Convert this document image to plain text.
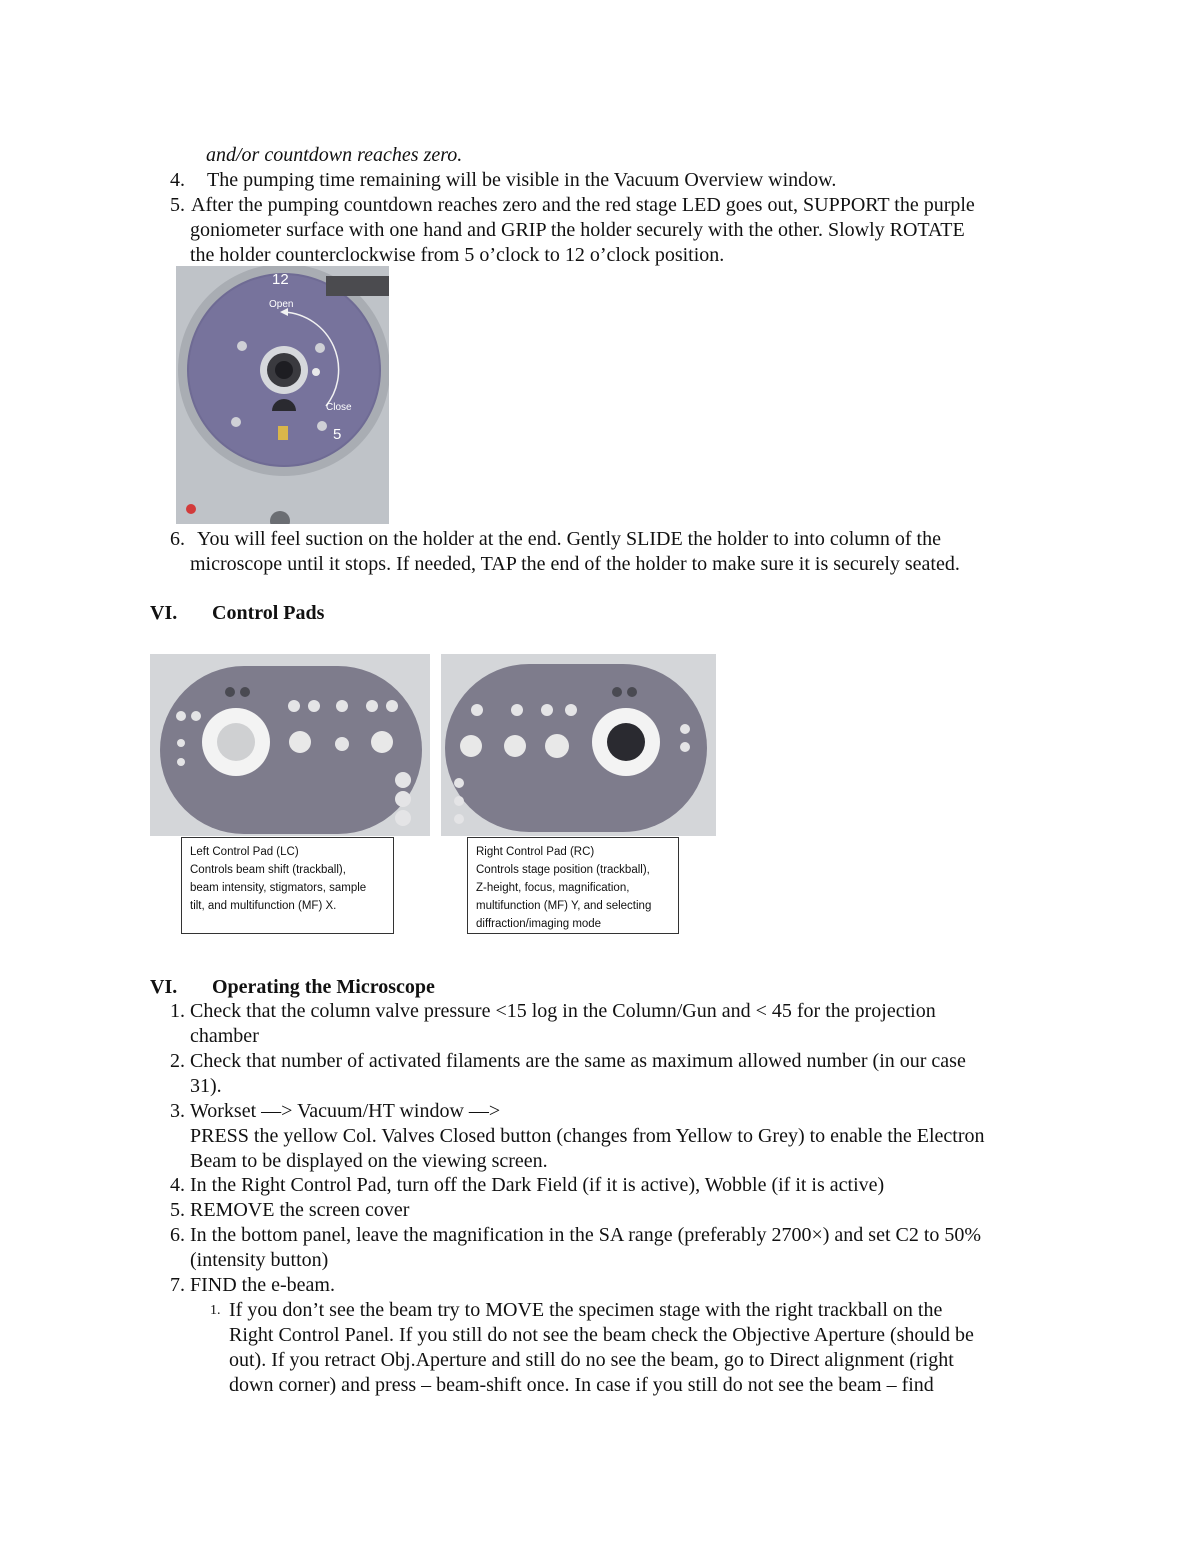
and/or countdown reaches zero.
4. The pumping time remaining will be visible in the Vacuum Overview window.
5. After the pumping countdown reaches zero and the red stage LED goes out, SUPPORT the purple
goniometer surface with one hand and GRIP the holder securely with the other. Slowly ROTATE
the holder counterclockwise from 5 o’clock to 12 o’clock position.
12
Open
Close
5
6. You will feel suction on the holder at the end. Gently SLIDE the holder to into column of the
microscope until it stops. If needed, TAP the end of the holder to make sure it is securely seated.
VI. Control Pads
Left Control Pad (LC)
Controls beam shift (trackball),
beam intensity, stigmators, sample
tilt, and multifunction (MF) X.
Right Control Pad (RC)
Controls stage position (trackball),
Z-height, focus, magnification,
multifunction (MF) Y, and selecting
diffraction/imaging mode
VI. Operating the Microscope
1. Check that the column valve pressure <15 log in the Column/Gun and < 45 for the projection
chamber
2. Check that number of activated filaments are the same as maximum allowed number (in our case
31).
3. Workset —> Vacuum/HT window —>
PRESS the yellow Col. Valves Closed button (changes from Yellow to Grey) to enable the Electron
Beam to be displayed on the viewing screen.
4. In the Right Control Pad, turn off the Dark Field (if it is active), Wobble (if it is active)
5. REMOVE the screen cover
6. In the bottom panel, leave the magnification in the SA range (preferably 2700×) and set C2 to 50%
(intensity button)
7. FIND the e-beam.
1. If you don’t see the beam try to MOVE the specimen stage with the right trackball on the
Right Control Panel. If you still do not see the beam check the Objective Aperture (should be
out). If you retract Obj.Aperture and still do no see the beam, go to Direct alignment (right
down corner) and press – beam-shift once. In case if you still do not see the beam – find
